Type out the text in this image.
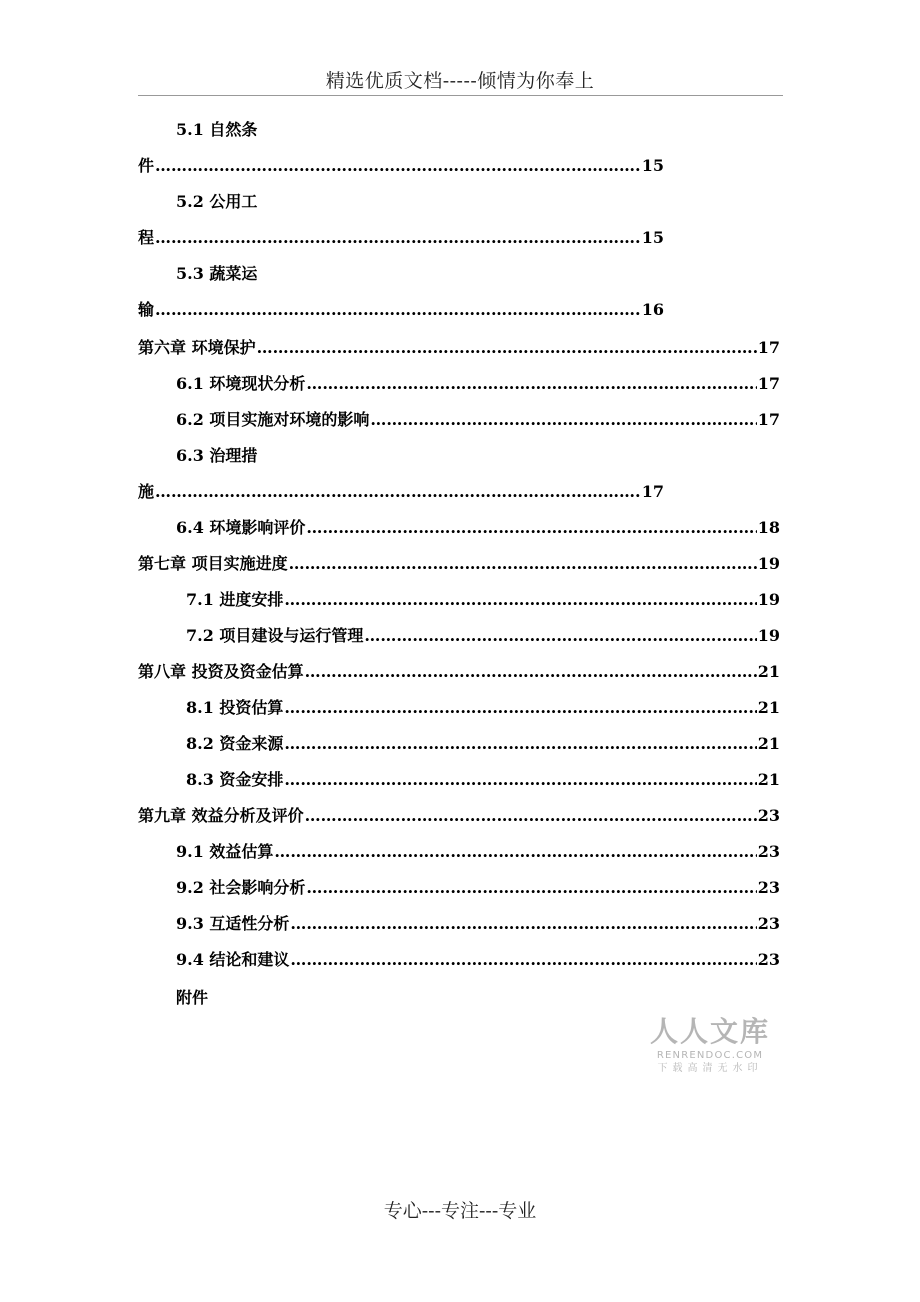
精选优质文档-----倾情为你奉上
5.1 自然条
件 …………………………………………………………………………………………………………………………………………………………………………………………	15
5.2 公用工
程 …………………………………………………………………………………………………………………………………………………………………………………………	15
5.3 蔬菜运
输 …………………………………………………………………………………………………………………………………………………………………………………………	16
第六章 环境保护 …………………………………………………………………………………………………………………………………………………………………………………………	17
6.1 环境现状分析 …………………………………………………………………………………………………………………………………………………………………………………………	17
6.2 项目实施对环境的影响 …………………………………………………………………………………………………………………………………………………………………………………………	17
6.3 治理措
施 …………………………………………………………………………………………………………………………………………………………………………………………	17
6.4 环境影响评价 …………………………………………………………………………………………………………………………………………………………………………………………	18
第七章 项目实施进度 …………………………………………………………………………………………………………………………………………………………………………………………	19
7.1 进度安排 …………………………………………………………………………………………………………………………………………………………………………………………	19
7.2 项目建设与运行管理 …………………………………………………………………………………………………………………………………………………………………………………………	19
第八章 投资及资金估算 …………………………………………………………………………………………………………………………………………………………………………………………	21
8.1 投资估算 …………………………………………………………………………………………………………………………………………………………………………………………	21
8.2 资金来源 …………………………………………………………………………………………………………………………………………………………………………………………	21
8.3 资金安排 …………………………………………………………………………………………………………………………………………………………………………………………	21
第九章 效益分析及评价 …………………………………………………………………………………………………………………………………………………………………………………………	23
9.1 效益估算 …………………………………………………………………………………………………………………………………………………………………………………………	23
9.2 社会影响分析 …………………………………………………………………………………………………………………………………………………………………………………………	23
9.3 互适性分析 …………………………………………………………………………………………………………………………………………………………………………………………	23
9.4 结论和建议 …………………………………………………………………………………………………………………………………………………………………………………………	23
附件
人人文库
RENRENDOC.COM
下载高清无水印
专心---专注---专业
